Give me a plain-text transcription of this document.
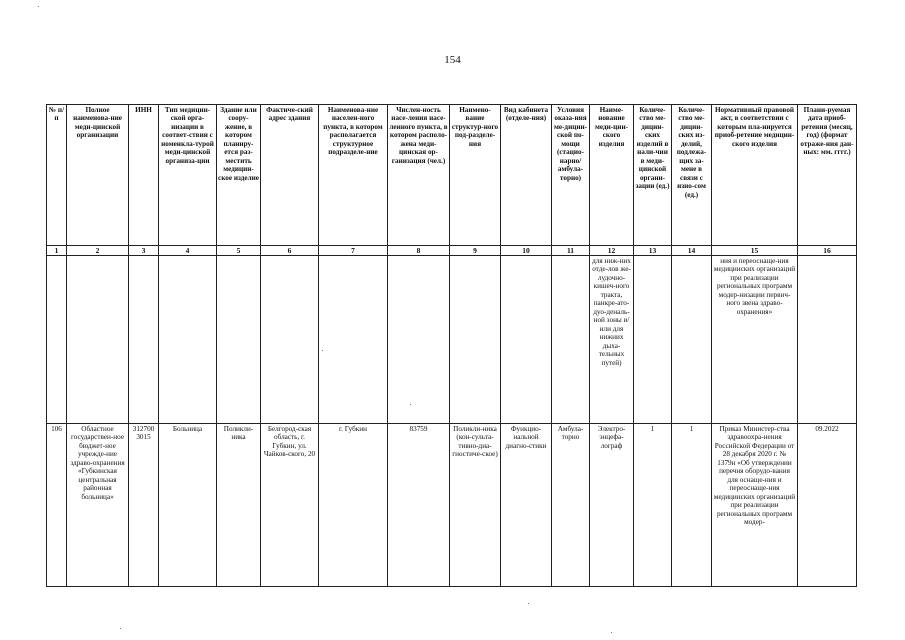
154
№ п/п	Полное наименова-ние меди-цинской организации	ИНН	Тип медицин-ской орга-низации в соответ-ствии с номенкла-турой меди-цинской организа-ции	Здание или соору-жение, в котором планиру-ется раз-местить медицин-ское изделие	Фактиче-ский адрес здания	Наименова-ние населен-ного пункта, в котором располагается структурное подразделе-ние	Числен-ность насе-ления насе-ленного пункта, в котором располо-жена меди-цинская ор-ганизация (чел.)	Наимено-вание структур-ного под-разделе-ния	Вид кабинета (отделе-ния)	Условия оказа-ния ме-дицин-ской по-мощи (стацио-нарно/ амбула-торно)	Наиме-нование меди-цин-ского изделия	Количе-ство ме-дицин-ских изделий в нали-чии в меди-цинской органи-зации (ед.)	Количе-ство ме-дицин-ских из-делий, подлежа-щих за-мене в связи с изно-сом (ед.)	Нормативный правовой акт, в соответствии с которым пла-нируется приоб-ретение медицин-ского изделия	Плани-руемая дата приоб-ретения (месяц, год) (формат отраже-ния дан-ных: мм. гггг.)
1	2	3	4	5	6	7	8	9	10	11	12	13	14	15	16
											для ниж-них отде-лов же-лудочно-кишеч-ного тракта, панкре-ато-дуо-деналь-ной зоны и/или для нижних дыха-тельных путей)			ния и переоснаще-ния медицинских организаций при реализации региональных программ модер-низации первич-ного звена здраво-охранения»	
106	Областное государствен-ное бюджет-ное учрежде-ние здраво-охранения «Губкинская центральная районная больница»	312700 3015	Больница	Поликли-ника	Белгород-ская область, г. Губкин, ул. Чайков-ского, 20	г. Губкин	83759	Поликли-ника (кон-сульта-тивно-диа-гностиче-ское)	Функцио-нальной диагно-стики	Амбула-торно	Электро-энцефа-лограф	1	1	Приказ Министер-ства здравоохра-нения Российской Федерации от 28 декабря 2020 г. № 1379н «Об утверждении перечня оборудо-вания для оснаще-ния и переоснаще-ния медицинских организаций при реализации региональных программ модер-	09.2022
